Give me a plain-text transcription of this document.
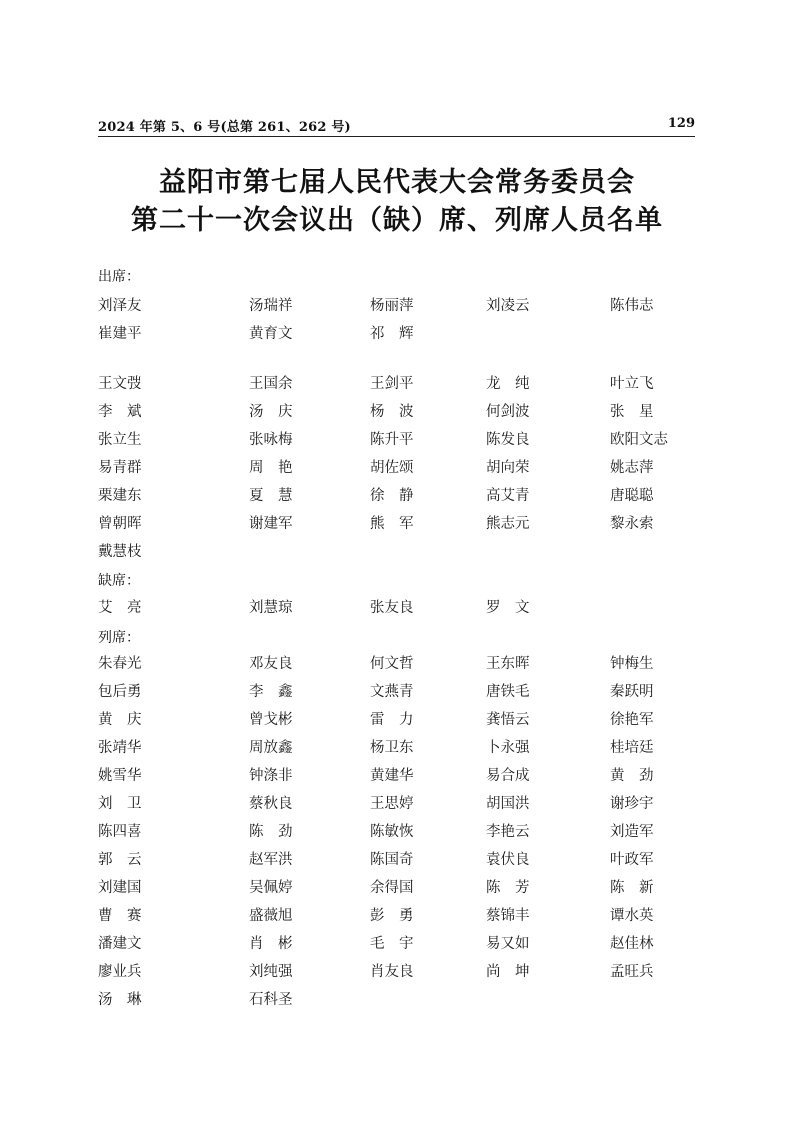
2024 年第 5、6 号(总第 261、262 号)	129
益阳市第七届人民代表大会常务委员会
第二十一次会议出（缺）席、列席人员名单
出席：
刘泽友	汤瑞祥	杨丽萍	刘凌云	陈伟志
崔建平	黄育文	祁　辉
王文弢	王国余	王剑平	龙　纯	叶立飞
李　斌	汤　庆	杨　波	何剑波	张　星
张立生	张咏梅	陈升平	陈发良	欧阳文志
易青群	周　艳	胡佐颂	胡向荣	姚志萍
栗建东	夏　慧	徐　静	高艾青	唐聪聪
曾朝晖	谢建军	熊　军	熊志元	黎永索
戴慧枝
缺席：
艾　亮	刘慧琼	张友良	罗　文
列席：
朱春光	邓友良	何文哲	王东晖	钟梅生
包后勇	李　鑫	文燕青	唐铁毛	秦跃明
黄　庆	曾戈彬	雷　力	龚悟云	徐艳军
张靖华	周放鑫	杨卫东	卜永强	桂培廷
姚雪华	钟涤非	黄建华	易合成	黄　劲
刘　卫	蔡秋良	王思婷	胡国洪	谢珍宇
陈四喜	陈　劲	陈敏恢	李艳云	刘造军
郭　云	赵军洪	陈国奇	袁伏良	叶政军
刘建国	吴佩婷	余得国	陈　芳	陈　新
曹　赛	盛薇旭	彭　勇	蔡锦丰	谭水英
潘建文	肖　彬	毛　宇	易又如	赵佳林
廖业兵	刘纯强	肖友良	尚　坤	孟旺兵
汤　琳	石科圣
